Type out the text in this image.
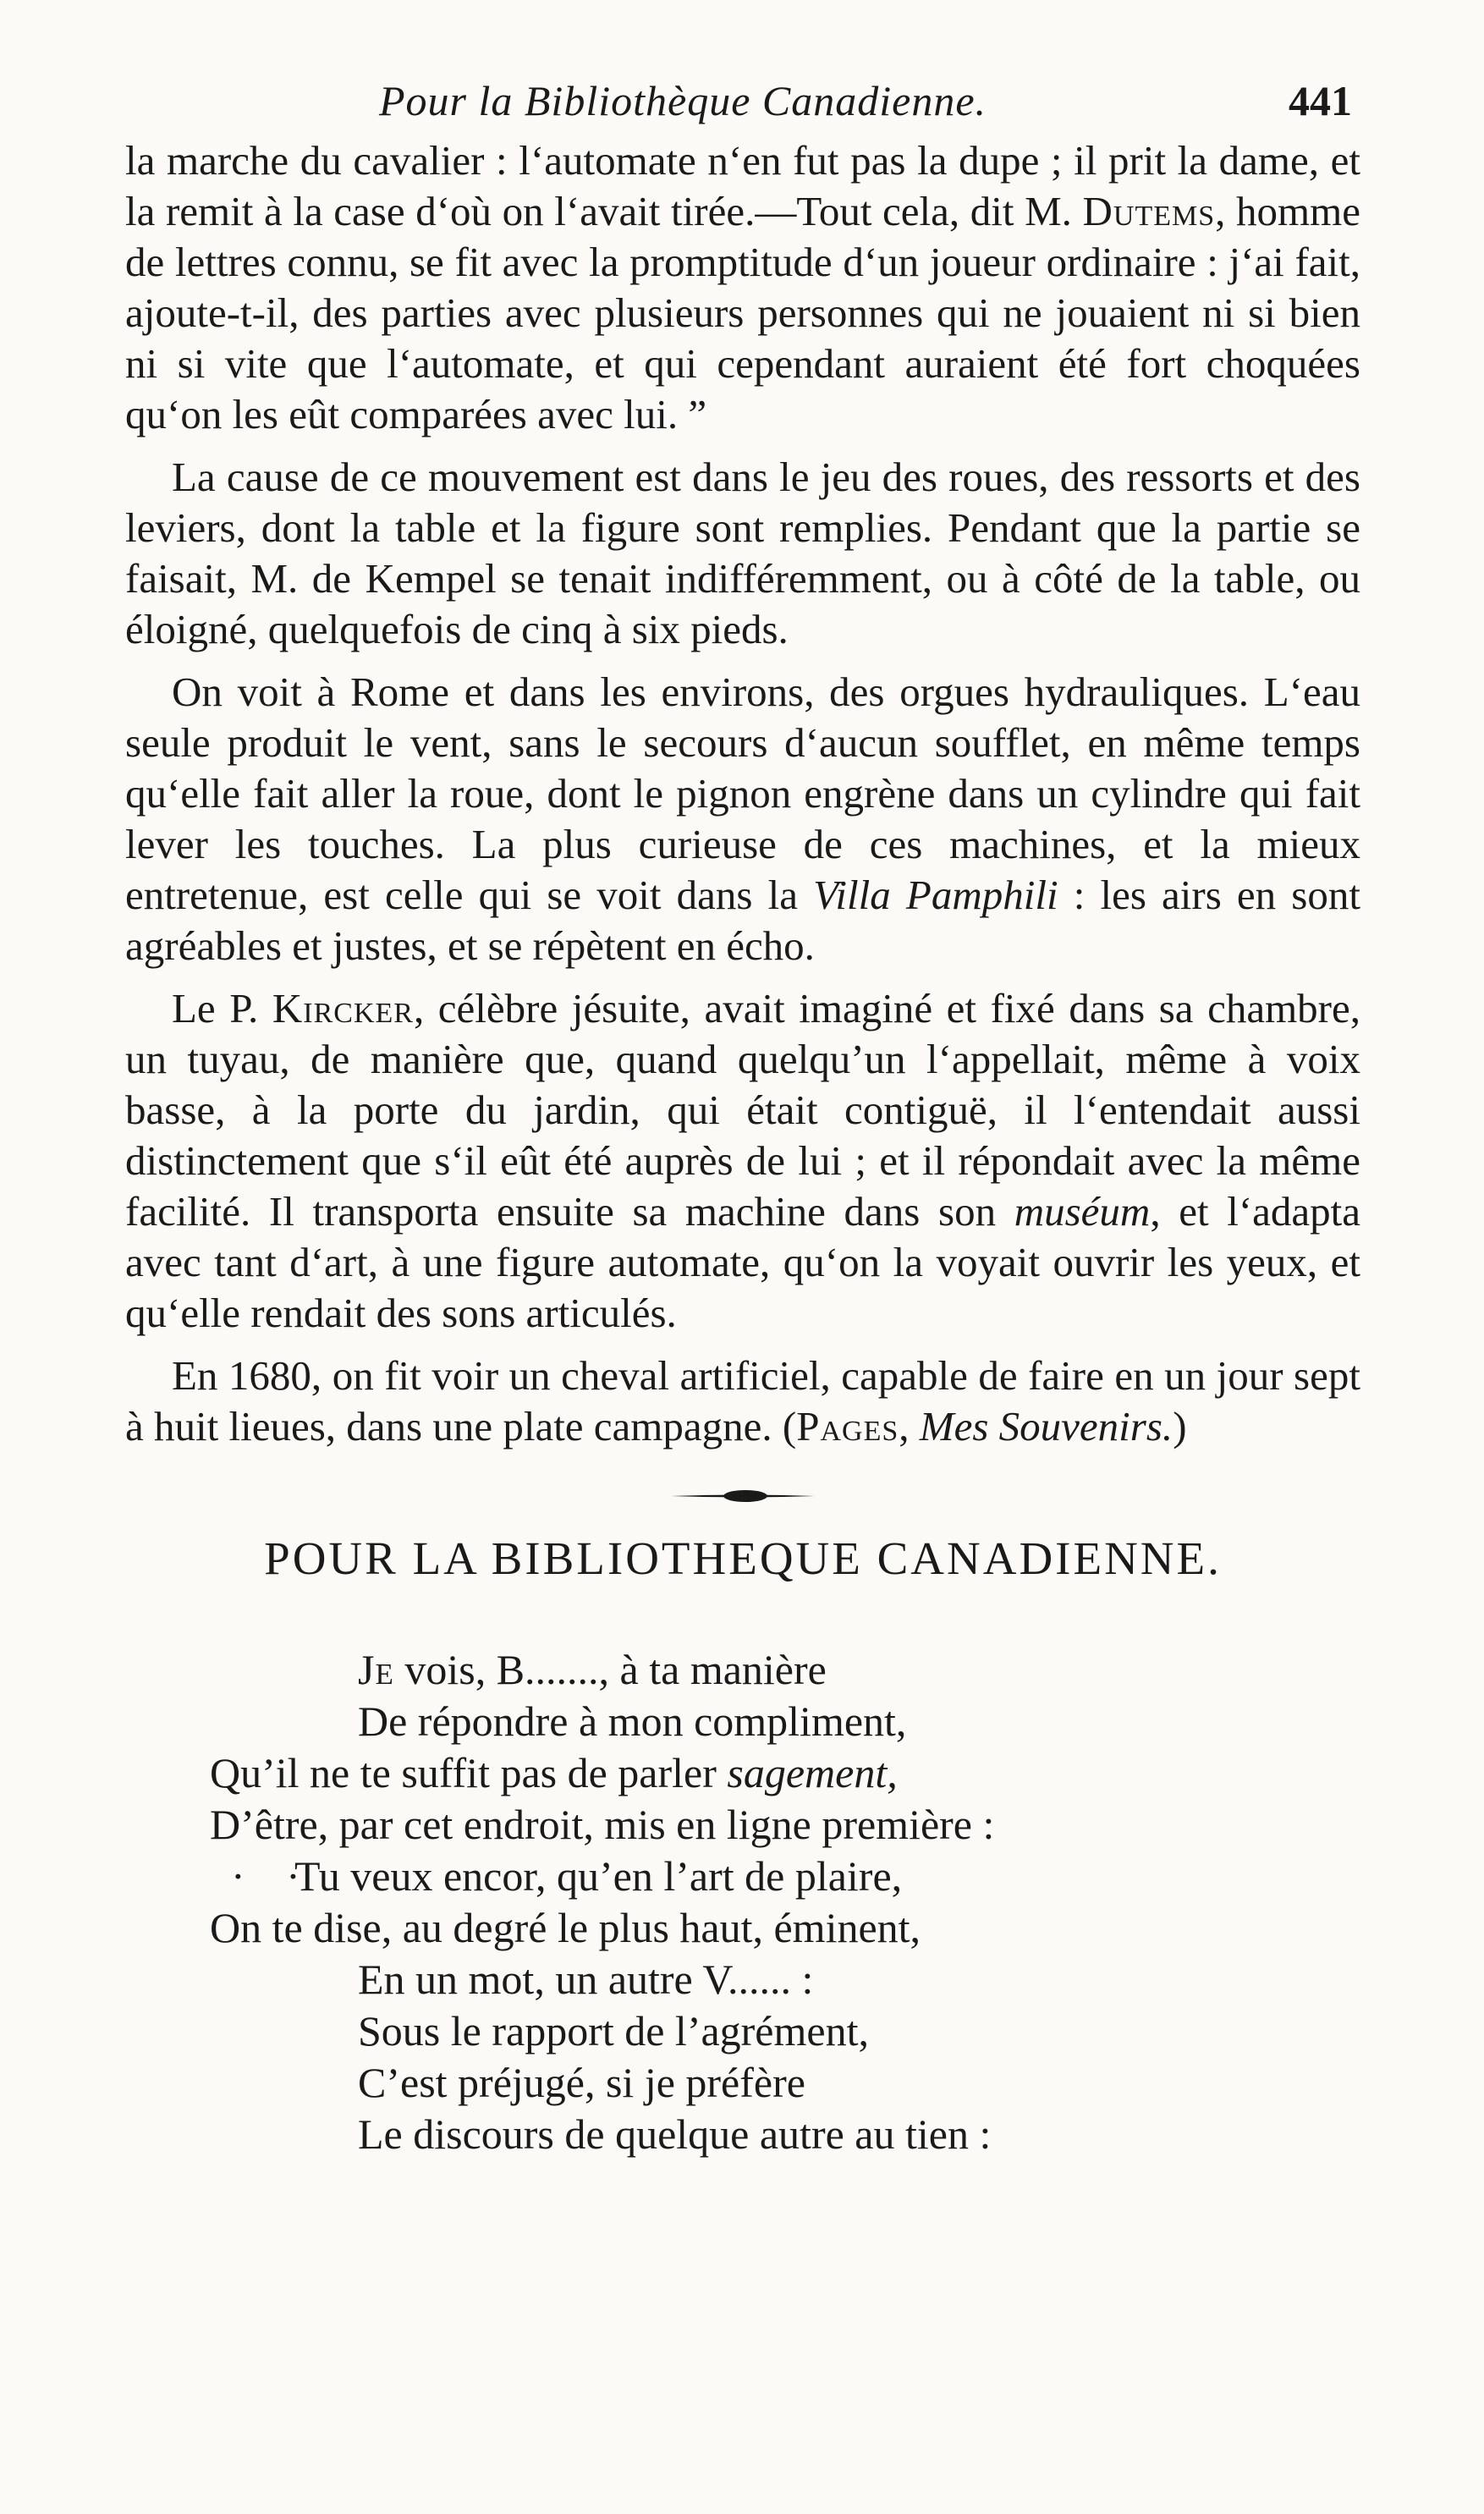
Pour la Bibliothèque Canadienne.	441

la marche du cavalier : l‘automate n‘en fut pas la dupe ; il prit la dame, et la remit à la case d‘où on l‘avait tirée.—Tout cela, dit M. Dutems, homme de lettres connu, se fit avec la promptitude d‘un joueur ordinaire : j‘ai fait, ajoute-t-il, des parties avec plusieurs personnes qui ne jouaient ni si bien ni si vite que l‘automate, et qui cependant auraient été fort choquées qu‘on les eût comparées avec lui. ”

La cause de ce mouvement est dans le jeu des roues, des ressorts et des leviers, dont la table et la figure sont remplies. Pendant que la partie se faisait, M. de Kempel se tenait indifféremment, ou à côté de la table, ou éloigné, quelquefois de cinq à six pieds.

On voit à Rome et dans les environs, des orgues hydrauliques. L‘eau seule produit le vent, sans le secours d‘aucun soufflet, en même temps qu‘elle fait aller la roue, dont le pignon engrène dans un cylindre qui fait lever les touches. La plus curieuse de ces machines, et la mieux entretenue, est celle qui se voit dans la Villa Pamphili : les airs en sont agréables et justes, et se répètent en écho.

Le P. Kircker, célèbre jésuite, avait imaginé et fixé dans sa chambre, un tuyau, de manière que, quand quelqu’un l‘appellait, même à voix basse, à la porte du jardin, qui était contiguë, il l‘entendait aussi distinctement que s‘il eût été auprès de lui ; et il répondait avec la même facilité. Il transporta ensuite sa machine dans son muséum, et l‘adapta avec tant d‘art, à une figure automate, qu‘on la voyait ouvrir les yeux, et qu‘elle rendait des sons articulés.

En 1680, on fit voir un cheval artificiel, capable de faire en un jour sept à huit lieues, dans une plate campagne. (Pages, Mes Souvenirs.)

POUR LA BIBLIOTHEQUE CANADIENNE.
Je vois, B......., à ta manière
De répondre à mon compliment,
Qu’il ne te suffit pas de parler sagement,
D’être, par cet endroit, mis en ligne première :
· ·Tu veux encor, qu’en l’art de plaire,
On te dise, au degré le plus haut, éminent,
En un mot, un autre V...... :
Sous le rapport de l’agrément,
C’est préjugé, si je préfère
Le discours de quelque autre au tien :
